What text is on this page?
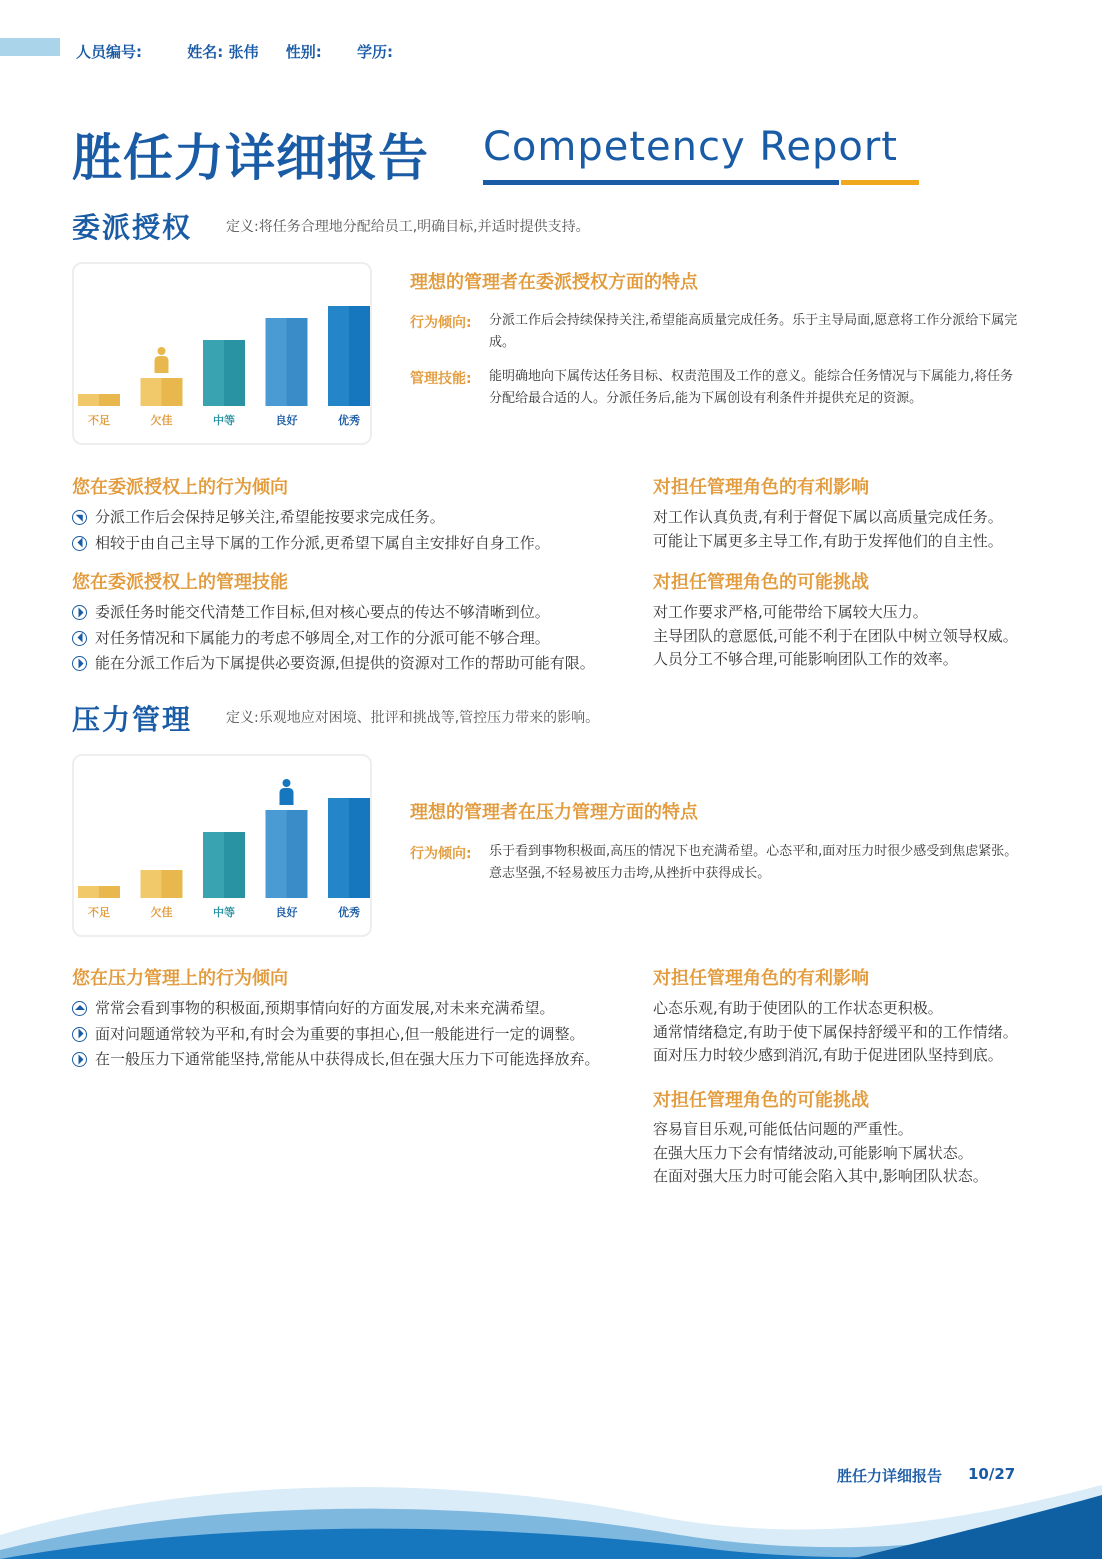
人员编号:	姓名: 张伟 性别: 学历:
胜任力详细报告 Competency Report
委派授权 定义:将任务合理地分配给员工,明确目标,并适时提供支持。
不足	欠佳	中等	良好	优秀
理想的管理者在委派授权方面的特点
行为倾向: 分派工作后会持续保持关注,希望能高质量完成任务。乐于主导局面,愿意将工作分派给下属完成。
管理技能: 能明确地向下属传达任务目标、权责范围及工作的意义。能综合任务情况与下属能力,将任务分配给最合适的人。分派任务后,能为下属创设有利条件并提供充足的资源。
您在委派授权上的行为倾向
分派工作后会保持足够关注,希望能按要求完成任务。
相较于由自己主导下属的工作分派,更希望下属自主安排好自身工作。
您在委派授权上的管理技能
委派任务时能交代清楚工作目标,但对核心要点的传达不够清晰到位。
对任务情况和下属能力的考虑不够周全,对工作的分派可能不够合理。
能在分派工作后为下属提供必要资源,但提供的资源对工作的帮助可能有限。
对担任管理角色的有利影响
对工作认真负责,有利于督促下属以高质量完成任务。
可能让下属更多主导工作,有助于发挥他们的自主性。
对担任管理角色的可能挑战
对工作要求严格,可能带给下属较大压力。
主导团队的意愿低,可能不利于在团队中树立领导权威。
人员分工不够合理,可能影响团队工作的效率。
压力管理 定义:乐观地应对困境、批评和挑战等,管控压力带来的影响。
不足	欠佳	中等	良好	优秀
理想的管理者在压力管理方面的特点
行为倾向: 乐于看到事物积极面,高压的情况下也充满希望。心态平和,面对压力时很少感受到焦虑紧张。意志坚强,不轻易被压力击垮,从挫折中获得成长。
您在压力管理上的行为倾向
常常会看到事物的积极面,预期事情向好的方面发展,对未来充满希望。
面对问题通常较为平和,有时会为重要的事担心,但一般能进行一定的调整。
在一般压力下通常能坚持,常能从中获得成长,但在强大压力下可能选择放弃。
对担任管理角色的有利影响
心态乐观,有助于使团队的工作状态更积极。
通常情绪稳定,有助于使下属保持舒缓平和的工作情绪。
面对压力时较少感到消沉,有助于促进团队坚持到底。
对担任管理角色的可能挑战
容易盲目乐观,可能低估问题的严重性。
在强大压力下会有情绪波动,可能影响下属状态。
在面对强大压力时可能会陷入其中,影响团队状态。
胜任力详细报告 10/27
